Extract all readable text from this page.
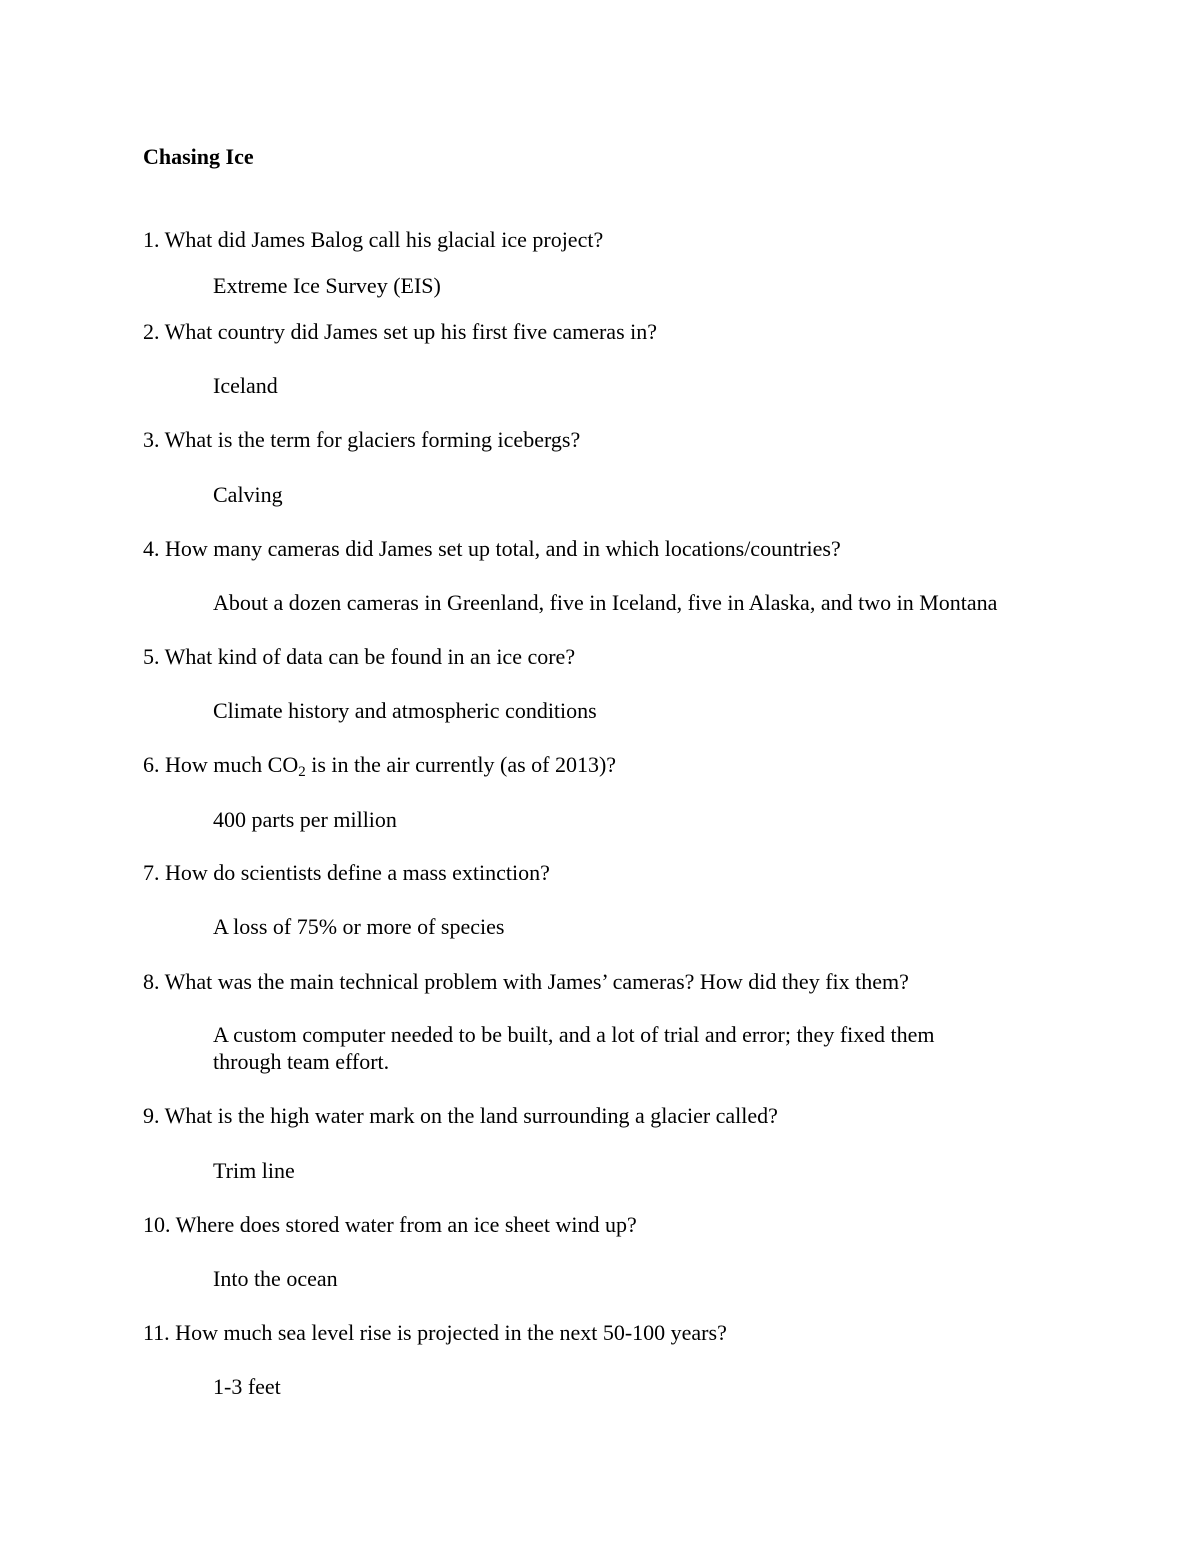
Chasing Ice
1. What did James Balog call his glacial ice project?
Extreme Ice Survey (EIS)
2. What country did James set up his first five cameras in?
Iceland
3. What is the term for glaciers forming icebergs?
Calving
4. How many cameras did James set up total, and in which locations/countries?
About a dozen cameras in Greenland, five in Iceland, five in Alaska, and two in Montana
5. What kind of data can be found in an ice core?
Climate history and atmospheric conditions
6. How much $CO_2$ is in the air currently (as of 2013)?
400 parts per million
7. How do scientists define a mass extinction?
A loss of 75% or more of species
8. What was the main technical problem with James’ cameras? How did they fix them?
A custom computer needed to be built, and a lot of trial and error; they fixed them
through team effort.
9. What is the high water mark on the land surrounding a glacier called?
Trim line
10. Where does stored water from an ice sheet wind up?
Into the ocean
11. How much sea level rise is projected in the next 50-100 years?
1-3 feet
